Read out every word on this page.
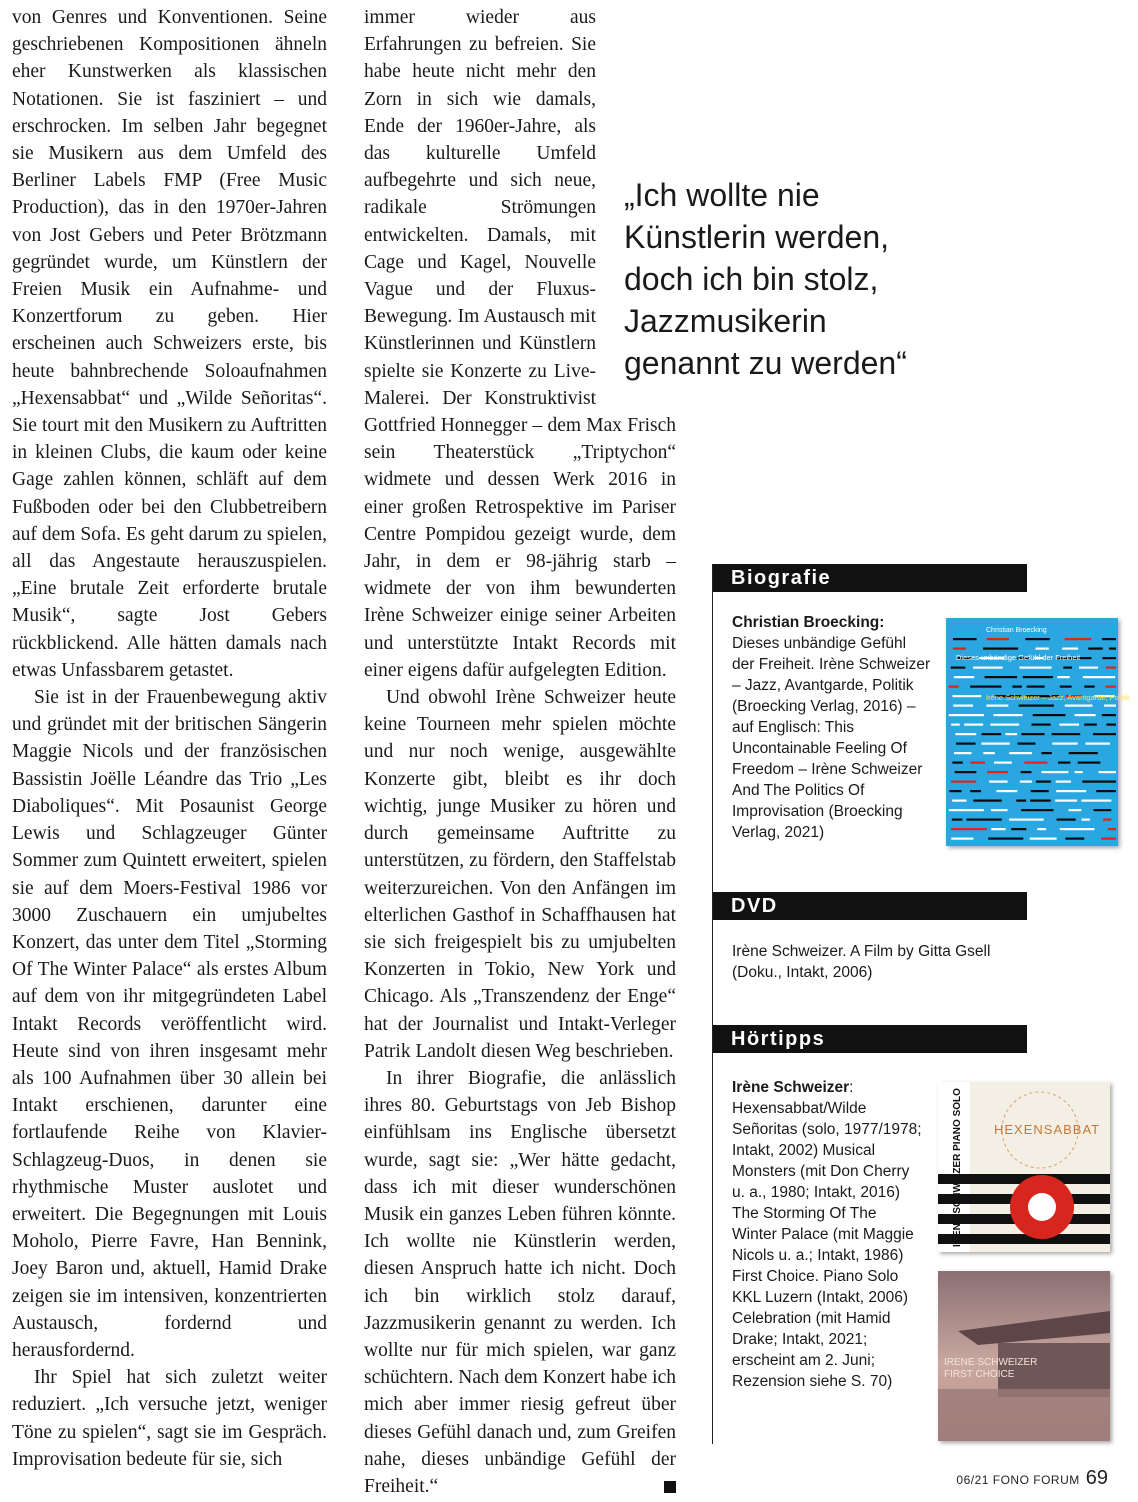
von Genres und Konventionen. Seine geschriebenen Kompositionen ähneln eher Kunstwerken als klassischen Notationen. Sie ist fasziniert – und erschrocken. Im selben Jahr begegnet sie Musikern aus dem Umfeld des Berliner Labels FMP (Free Music Production), das in den 1970er-Jahren von Jost Gebers und Peter Brötzmann gegründet wurde, um Künstlern der Freien Musik ein Aufnahme- und Konzertforum zu geben. Hier erscheinen auch Schweizers erste, bis heute bahnbrechende Soloaufnahmen „Hexensabbat“ und „Wilde Señoritas“. Sie tourt mit den Musikern zu Auftritten in kleinen Clubs, die kaum oder keine Gage zahlen können, schläft auf dem Fußboden oder bei den Clubbetreibern auf dem Sofa. Es geht darum zu spielen, all das Angestaute herauszuspielen. „Eine brutale Zeit erforderte brutale Musik“, sagte Jost Gebers rückblickend. Alle hätten damals nach etwas Unfassbarem getastet.

Sie ist in der Frauenbewegung aktiv und gründet mit der britischen Sängerin Maggie Nicols und der französischen Bassistin Joëlle Léandre das Trio „Les Diaboliques“. Mit Posaunist George Lewis und Schlagzeuger Günter Sommer zum Quintett erweitert, spielen sie auf dem Moers-Festival 1986 vor 3000 Zuschauern ein umjubeltes Konzert, das unter dem Titel „Storming Of The Winter Palace“ als erstes Album auf dem von ihr mitgegründeten Label Intakt Records veröffentlicht wird. Heute sind von ihren insgesamt mehr als 100 Aufnahmen über 30 allein bei Intakt erschienen, darunter eine fortlaufende Reihe von Klavier-Schlagzeug-Duos, in denen sie rhythmische Muster auslotet und erweitert. Die Begegnungen mit Louis Moholo, Pierre Favre, Han Bennink, Joey Baron und, aktuell, Hamid Drake zeigen sie im intensiven, konzentrierten Austausch, fordernd und herausfordernd.

Ihr Spiel hat sich zuletzt weiter reduziert. „Ich versuche jetzt, weniger Töne zu spielen“, sagt sie im Gespräch. Improvisation bedeute für sie, sich

immer wieder aus Erfahrungen zu befreien. Sie habe heute nicht mehr den Zorn in sich wie damals, Ende der 1960er-Jahre, als das kulturelle Umfeld aufbegehrte und sich neue, radikale Strömungen entwickelten. Damals, mit Cage und Kagel, Nouvelle Vague und der Fluxus-Bewegung. Im Austausch mit Künstlerinnen und Künstlern spielte sie Konzerte zu Live-Malerei. Der Konstruktivist Gottfried Honnegger – dem Max Frisch sein Theaterstück „Triptychon“ widmete und dessen Werk 2016 in einer großen Retrospektive im Pariser Centre Pompidou gezeigt wurde, dem Jahr, in dem er 98-jährig starb – widmete der von ihm bewunderten Irène Schweizer einige seiner Arbeiten und unterstützte Intakt Records mit einer eigens dafür aufgelegten Edition.

Und obwohl Irène Schweizer heute keine Tourneen mehr spielen möchte und nur noch wenige, ausgewählte Konzerte gibt, bleibt es ihr doch wichtig, junge Musiker zu hören und durch gemeinsame Auftritte zu unterstützen, zu fördern, den Staffelstab weiterzureichen. Von den Anfängen im elterlichen Gasthof in Schaffhausen hat sie sich freigespielt bis zu umjubelten Konzerten in Tokio, New York und Chicago. Als „Transzendenz der Enge“ hat der Journalist und Intakt-Verleger Patrik Landolt diesen Weg beschrieben.

In ihrer Biografie, die anlässlich ihres 80. Geburtstags von Jeb Bishop einfühlsam ins Englische übersetzt wurde, sagt sie: „Wer hätte gedacht, dass ich mit dieser wunderschönen Musik ein ganzes Leben führen könnte. Ich wollte nie Künstlerin werden, diesen Anspruch hatte ich nicht. Doch ich bin wirklich stolz darauf, Jazzmusikerin genannt zu werden. Ich wollte nur für mich spielen, war ganz schüchtern. Nach dem Konzert habe ich mich aber immer riesig gefreut über dieses Gefühl danach und, zum Greifen nahe, dieses unbändige Gefühl der Freiheit.“

„Ich wollte nie Künstlerin werden, doch ich bin stolz, Jazzmusikerin genannt zu werden“
Biografie
Christian Broecking: Dieses unbändige Gefühl der Freiheit. Irène Schweizer – Jazz, Avantgarde, Politik (Broecking Verlag, 2016) – auf Englisch: This Uncontainable Feeling Of Freedom – Irène Schweizer And The Politics Of Improvisation (Broecking Verlag, 2021)
Christian Broecking
Dieses unbändige Gefühl der Freiheit
Irène Schweizer – Jazz, Avantgarde, Politik
DVD
Irène Schweizer. A Film by Gitta Gsell (Doku., Intakt, 2006)
Hörtipps
Irène Schweizer: Hexensabbat/Wilde Señoritas (solo, 1977/1978; Intakt, 2002) Musical Monsters (mit Don Cherry u. a., 1980; Intakt, 2016) The Storming Of The Winter Palace (mit Maggie Nicols u. a.; Intakt, 1986) First Choice. Piano Solo KKL Luzern (Intakt, 2006) Celebration (mit Hamid Drake; Intakt, 2021; erscheint am 2. Juni; Rezension siehe S. 70)
IRENE SCHWEIZER PIANO SOLO HEXENSABBAT
IRENE SCHWEIZER
FIRST CHOICE
06/21 FONO FORUM 69
